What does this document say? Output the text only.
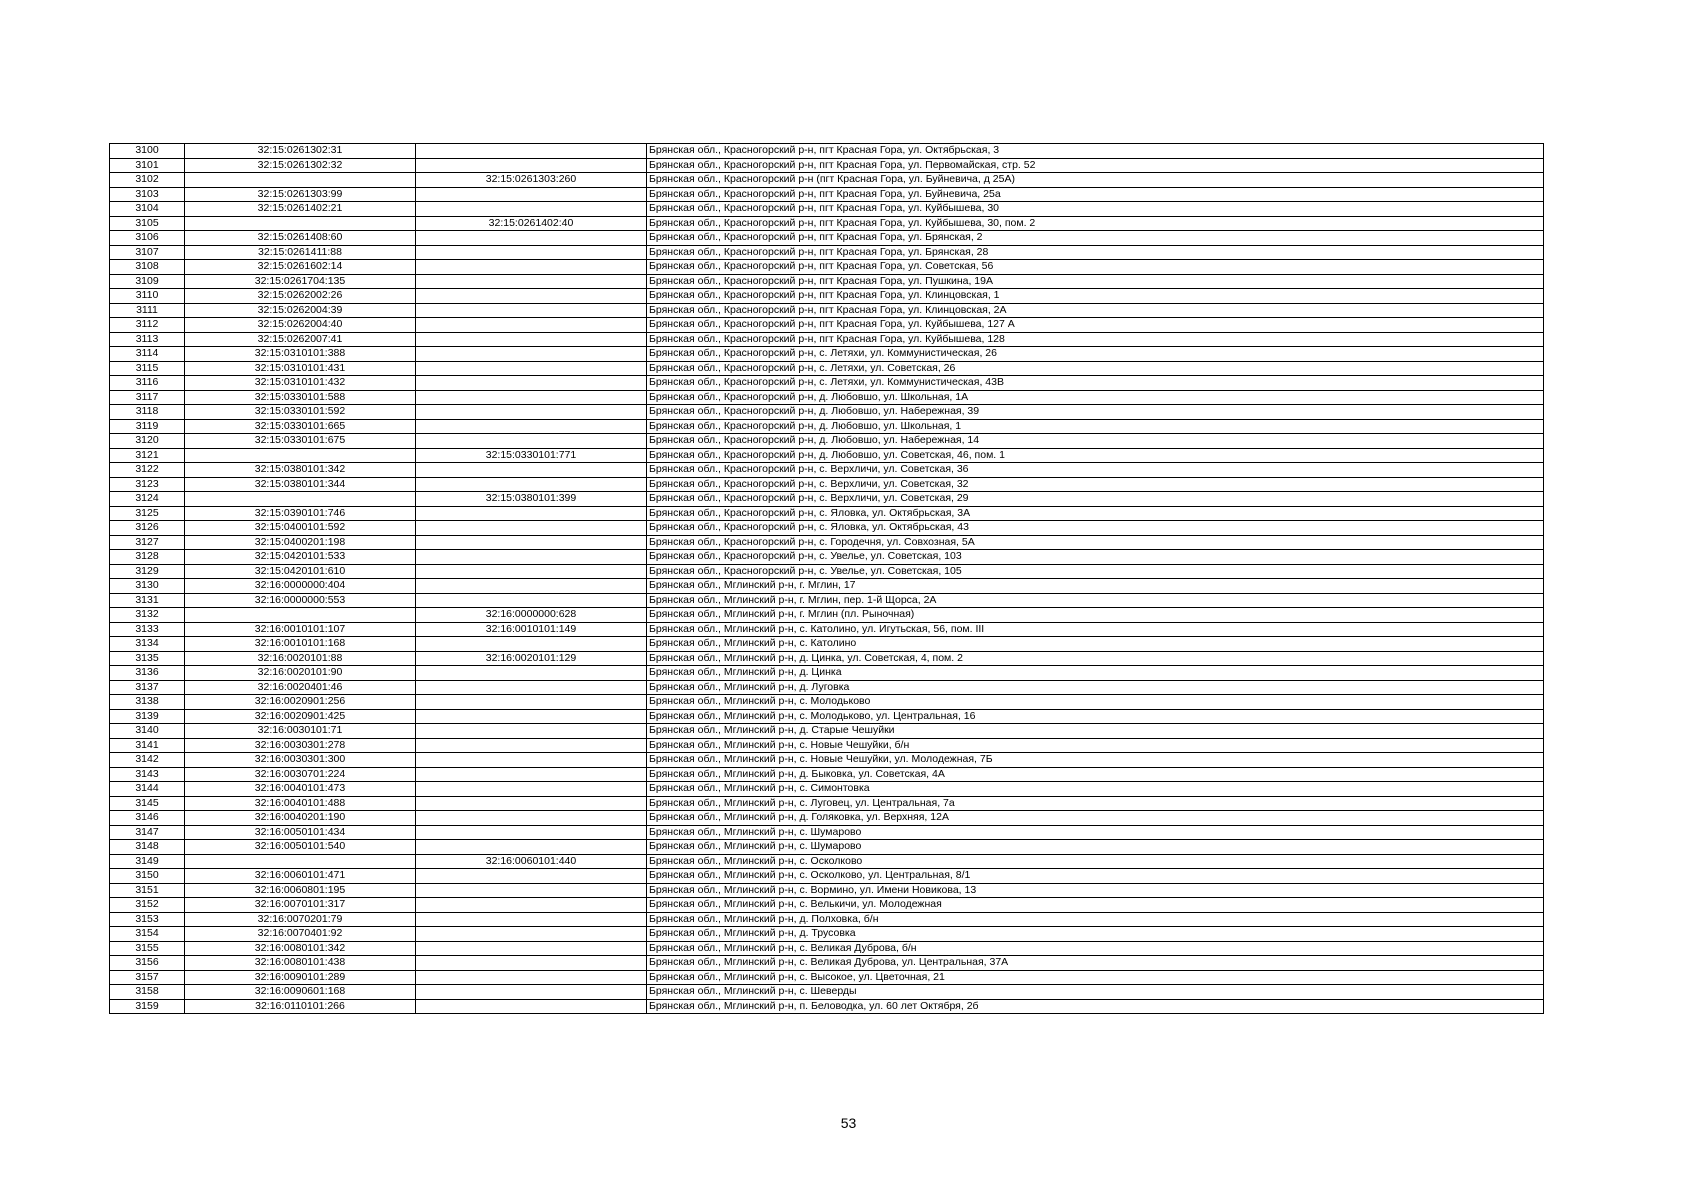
3100	32:15:0261302:31		Брянская обл., Красногорский р-н, пгт Красная Гора, ул. Октябрьская, 3
3101	32:15:0261302:32		Брянская обл., Красногорский р-н, пгт Красная Гора, ул. Первомайская, стр. 52
3102		32:15:0261303:260	Брянская обл., Красногорский р-н (пгт Красная Гора, ул. Буйневича, д 25А)
3103	32:15:0261303:99		Брянская обл., Красногорский р-н, пгт Красная Гора, ул. Буйневича, 25а
3104	32:15:0261402:21		Брянская обл., Красногорский р-н, пгт Красная Гора, ул. Куйбышева, 30
3105		32:15:0261402:40	Брянская обл., Красногорский р-н, пгт Красная Гора, ул. Куйбышева, 30, пом. 2
3106	32:15:0261408:60		Брянская обл., Красногорский р-н, пгт Красная Гора, ул. Брянская, 2
3107	32:15:0261411:88		Брянская обл., Красногорский р-н, пгт Красная Гора, ул. Брянская, 28
3108	32:15:0261602:14		Брянская обл., Красногорский р-н, пгт Красная Гора, ул. Советская, 56
3109	32:15:0261704:135		Брянская обл., Красногорский р-н, пгт Красная Гора, ул. Пушкина, 19А
3110	32:15:0262002:26		Брянская обл., Красногорский р-н, пгт Красная Гора, ул. Клинцовская, 1
3111	32:15:0262004:39		Брянская обл., Красногорский р-н, пгт Красная Гора, ул. Клинцовская, 2А
3112	32:15:0262004:40		Брянская обл., Красногорский р-н, пгт Красная Гора, ул. Куйбышева, 127 А
3113	32:15:0262007:41		Брянская обл., Красногорский р-н, пгт Красная Гора, ул. Куйбышева, 128
3114	32:15:0310101:388		Брянская обл., Красногорский р-н, с. Летяхи, ул. Коммунистическая, 26
3115	32:15:0310101:431		Брянская обл., Красногорский р-н, с. Летяхи, ул. Советская, 26
3116	32:15:0310101:432		Брянская обл., Красногорский р-н, с. Летяхи, ул. Коммунистическая, 43В
3117	32:15:0330101:588		Брянская обл., Красногорский р-н, д. Любовшо, ул. Школьная, 1А
3118	32:15:0330101:592		Брянская обл., Красногорский р-н, д. Любовшо, ул. Набережная, 39
3119	32:15:0330101:665		Брянская обл., Красногорский р-н, д. Любовшо, ул. Школьная, 1
3120	32:15:0330101:675		Брянская обл., Красногорский р-н, д. Любовшо, ул. Набережная, 14
3121		32:15:0330101:771	Брянская обл., Красногорский р-н, д. Любовшо, ул. Советская, 46, пом. 1
3122	32:15:0380101:342		Брянская обл., Красногорский р-н, с. Верхличи, ул. Советская, 36
3123	32:15:0380101:344		Брянская обл., Красногорский р-н, с. Верхличи, ул. Советская, 32
3124		32:15:0380101:399	Брянская обл., Красногорский р-н, с. Верхличи, ул. Советская, 29
3125	32:15:0390101:746		Брянская обл., Красногорский р-н, с. Яловка, ул. Октябрьская, 3А
3126	32:15:0400101:592		Брянская обл., Красногорский р-н, с. Яловка, ул. Октябрьская, 43
3127	32:15:0400201:198		Брянская обл., Красногорский р-н, с. Городечня, ул. Совхозная, 5А
3128	32:15:0420101:533		Брянская обл., Красногорский р-н, с. Увелье, ул. Советская, 103
3129	32:15:0420101:610		Брянская обл., Красногорский р-н, с. Увелье, ул. Советская, 105
3130	32:16:0000000:404		Брянская обл., Мглинский р-н, г. Мглин, 17
3131	32:16:0000000:553		Брянская обл., Мглинский р-н, г. Мглин, пер. 1-й Щорса, 2А
3132		32:16:0000000:628	Брянская обл., Мглинский р-н, г. Мглин (пл. Рыночная)
3133	32:16:0010101:107	32:16:0010101:149	Брянская обл., Мглинский р-н, с. Католино, ул. Игутьская, 56, пом. III
3134	32:16:0010101:168		Брянская обл., Мглинский р-н, с. Католино
3135	32:16:0020101:88	32:16:0020101:129	Брянская обл., Мглинский р-н, д. Цинка, ул. Советская, 4, пом. 2
3136	32:16:0020101:90		Брянская обл., Мглинский р-н, д. Цинка
3137	32:16:0020401:46		Брянская обл., Мглинский р-н, д. Луговка
3138	32:16:0020901:256		Брянская обл., Мглинский р-н, с. Молодьково
3139	32:16:0020901:425		Брянская обл., Мглинский р-н, с. Молодьково, ул. Центральная, 16
3140	32:16:0030101:71		Брянская обл., Мглинский р-н, д. Старые Чешуйки
3141	32:16:0030301:278		Брянская обл., Мглинский р-н, с. Новые Чешуйки, б/н
3142	32:16:0030301:300		Брянская обл., Мглинский р-н, с. Новые Чешуйки, ул. Молодежная, 7Б
3143	32:16:0030701:224		Брянская обл., Мглинский р-н, д. Быковка, ул. Советская, 4А
3144	32:16:0040101:473		Брянская обл., Мглинский р-н, с. Симонтовка
3145	32:16:0040101:488		Брянская обл., Мглинский р-н, с. Луговец, ул. Центральная, 7а
3146	32:16:0040201:190		Брянская обл., Мглинский р-н, д. Голяковка, ул. Верхняя, 12А
3147	32:16:0050101:434		Брянская обл., Мглинский р-н, с. Шумарово
3148	32:16:0050101:540		Брянская обл., Мглинский р-н, с. Шумарово
3149		32:16:0060101:440	Брянская обл., Мглинский р-н, с. Осколково
3150	32:16:0060101:471		Брянская обл., Мглинский р-н, с. Осколково, ул. Центральная, 8/1
3151	32:16:0060801:195		Брянская обл., Мглинский р-н, с. Вормино, ул. Имени Новикова, 13
3152	32:16:0070101:317		Брянская обл., Мглинский р-н, с. Велькичи, ул. Молодежная
3153	32:16:0070201:79		Брянская обл., Мглинский р-н, д. Полховка, б/н
3154	32:16:0070401:92		Брянская обл., Мглинский р-н, д. Трусовка
3155	32:16:0080101:342		Брянская обл., Мглинский р-н, с. Великая Дуброва, б/н
3156	32:16:0080101:438		Брянская обл., Мглинский р-н, с. Великая Дуброва, ул. Центральная, 37А
3157	32:16:0090101:289		Брянская обл., Мглинский р-н, с. Высокое, ул. Цветочная, 21
3158	32:16:0090601:168		Брянская обл., Мглинский р-н, с. Шеверды
3159	32:16:0110101:266		Брянская обл., Мглинский р-н, п. Беловодка, ул. 60 лет Октября, 2б
53
